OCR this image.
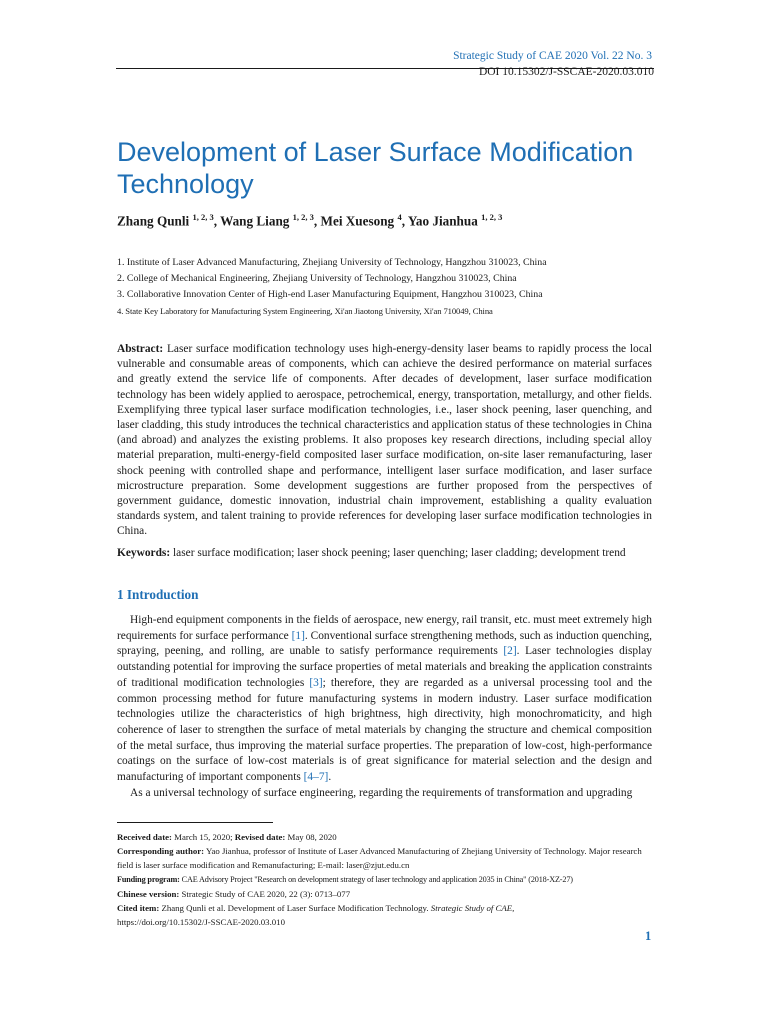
Strategic Study of CAE 2020 Vol. 22 No. 3
DOI 10.15302/J-SSCAE-2020.03.010
Development of Laser Surface Modification Technology

Zhang Qunli $^{1, 2, 3}$, Wang Liang $^{1, 2, 3}$, Mei Xuesong $^4$, Yao Jianhua $^{1, 2, 3}$

1. Institute of Laser Advanced Manufacturing, Zhejiang University of Technology, Hangzhou 310023, China
2. College of Mechanical Engineering, Zhejiang University of Technology, Hangzhou 310023, China
3. Collaborative Innovation Center of High-end Laser Manufacturing Equipment, Hangzhou 310023, China
4. State Key Laboratory for Manufacturing System Engineering, Xi'an Jiaotong University, Xi'an 710049, China

Abstract: Laser surface modification technology uses high-energy-density laser beams to rapidly process the local vulnerable and consumable areas of components, which can achieve the desired performance on material surfaces and greatly extend the service life of components. After decades of development, laser surface modification technology has been widely applied to aerospace, petrochemical, energy, transportation, metallurgy, and other fields. Exemplifying three typical laser surface modification technologies, i.e., laser shock peening, laser quenching, and laser cladding, this study introduces the technical characteristics and application status of these technologies in China (and abroad) and analyzes the existing problems. It also proposes key research directions, including special alloy material preparation, multi-energy-field composited laser surface modification, on-site laser remanufacturing, laser shock peening with controlled shape and performance, intelligent laser surface modification, and laser surface microstructure preparation. Some development suggestions are further proposed from the perspectives of government guidance, domestic innovation, industrial chain improvement, establishing a quality evaluation standards system, and talent training to provide references for developing laser surface modification technologies in China.

Keywords: laser surface modification; laser shock peening; laser quenching; laser cladding; development trend

1 Introduction

High-end equipment components in the fields of aerospace, new energy, rail transit, etc. must meet extremely high requirements for surface performance [1]. Conventional surface strengthening methods, such as induction quenching, spraying, peening, and rolling, are unable to satisfy performance requirements [2]. Laser technologies display outstanding potential for improving the surface properties of metal materials and breaking the application constraints of traditional modification technologies [3]; therefore, they are regarded as a universal processing tool and the common processing method for future manufacturing systems in modern industry. Laser surface modification technologies utilize the characteristics of high brightness, high directivity, high monochromaticity, and high coherence of laser to strengthen the surface of metal materials by changing the structure and chemical composition of the metal surface, thus improving the material surface properties. The preparation of low-cost, high-performance coatings on the surface of low-cost materials is of great significance for material selection and the design and manufacturing of important components [4–7].

As a universal technology of surface engineering, regarding the requirements of transformation and upgrading

Received date: March 15, 2020; Revised date: May 08, 2020
Corresponding author: Yao Jianhua, professor of Institute of Laser Advanced Manufacturing of Zhejiang University of Technology. Major research field is laser surface modification and Remanufacturing; E-mail: laser@zjut.edu.cn
Funding program: CAE Advisory Project "Research on development strategy of laser technology and application 2035 in China" (2018-XZ-27)
Chinese version: Strategic Study of CAE 2020, 22 (3): 0713–077
Cited item: Zhang Qunli et al. Development of Laser Surface Modification Technology. Strategic Study of CAE,
https://doi.org/10.15302/J-SSCAE-2020.03.010
1
